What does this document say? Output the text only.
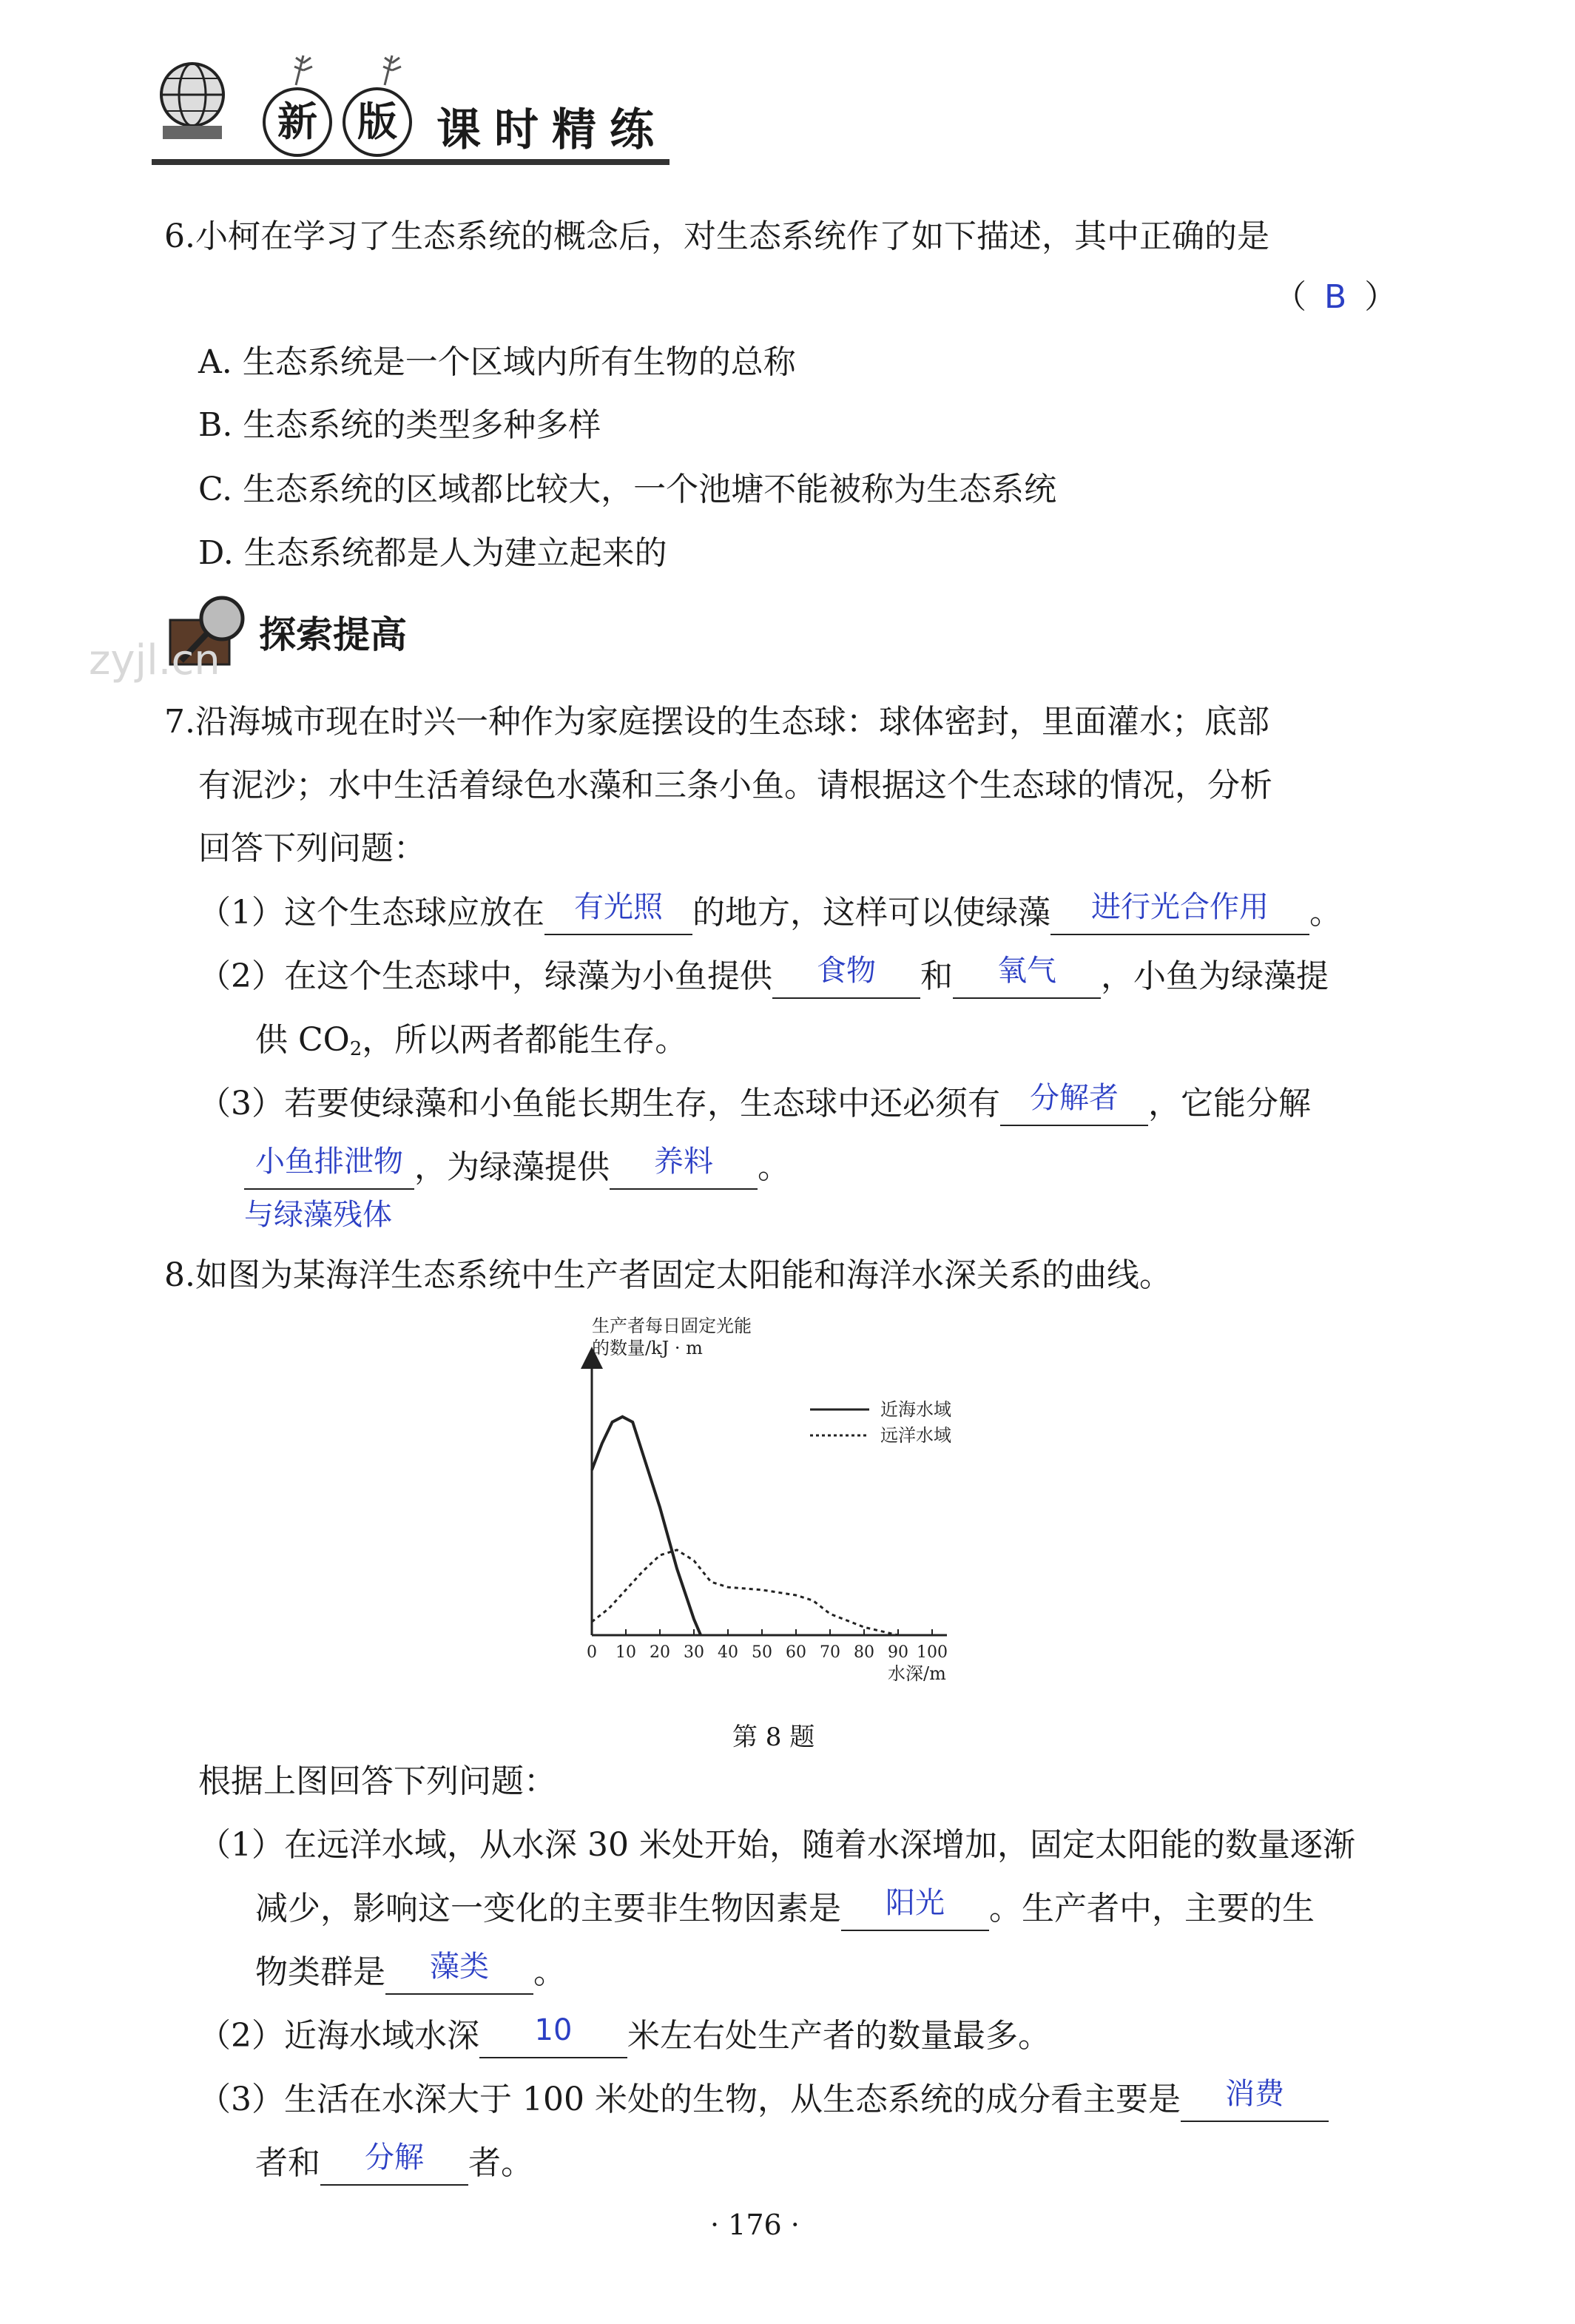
新	版 课时精练
6.小柯在学习了生态系统的概念后，对生态系统作了如下描述，其中正确的是
（ B ）
A. 生态系统是一个区域内所有生物的总称
B. 生态系统的类型多种多样
C. 生态系统的区域都比较大，一个池塘不能被称为生态系统
D. 生态系统都是人为建立起来的
探索提高
zyjl.cn
7.沿海城市现在时兴一种作为家庭摆设的生态球：球体密封，里面灌水；底部
有泥沙；水中生活着绿色水藻和三条小鱼。请根据这个生态球的情况，分析
回答下列问题：
（1）这个生态球应放在	有光照 的地方，这样可以使绿藻	进行光合作用	。
（2）在这个生态球中，绿藻为小鱼提供	食物	和	氧气	，小鱼为绿藻提
供 $CO_2$，所以两者都能生存。
（3）若要使绿藻和小鱼能长期生存，生态球中还必须有	分解者 ，它能分解
小鱼排泄物 ，为绿藻提供	养料	。
与绿藻残体
8.如图为某海洋生态系统中生产者固定太阳能和海洋水深关系的曲线。
生产者每日固定光能
的数量/kJ · m
0 10 20 30 40 50 60 70 80 90 100
水深/m
近海水域
远洋水域
第 8 题
根据上图回答下列问题：
（1）在远洋水域，从水深 30 米处开始，随着水深增加，固定太阳能的数量逐渐
减少，影响这一变化的主要非生物因素是	阳光	。生产者中，主要的生
物类群是	藻类	。
（2）近海水域水深	10	米左右处生产者的数量最多。
（3）生活在水深大于 100 米处的生物，从生态系统的成分看主要是	消费
者和	分解	者。
· 176 ·
